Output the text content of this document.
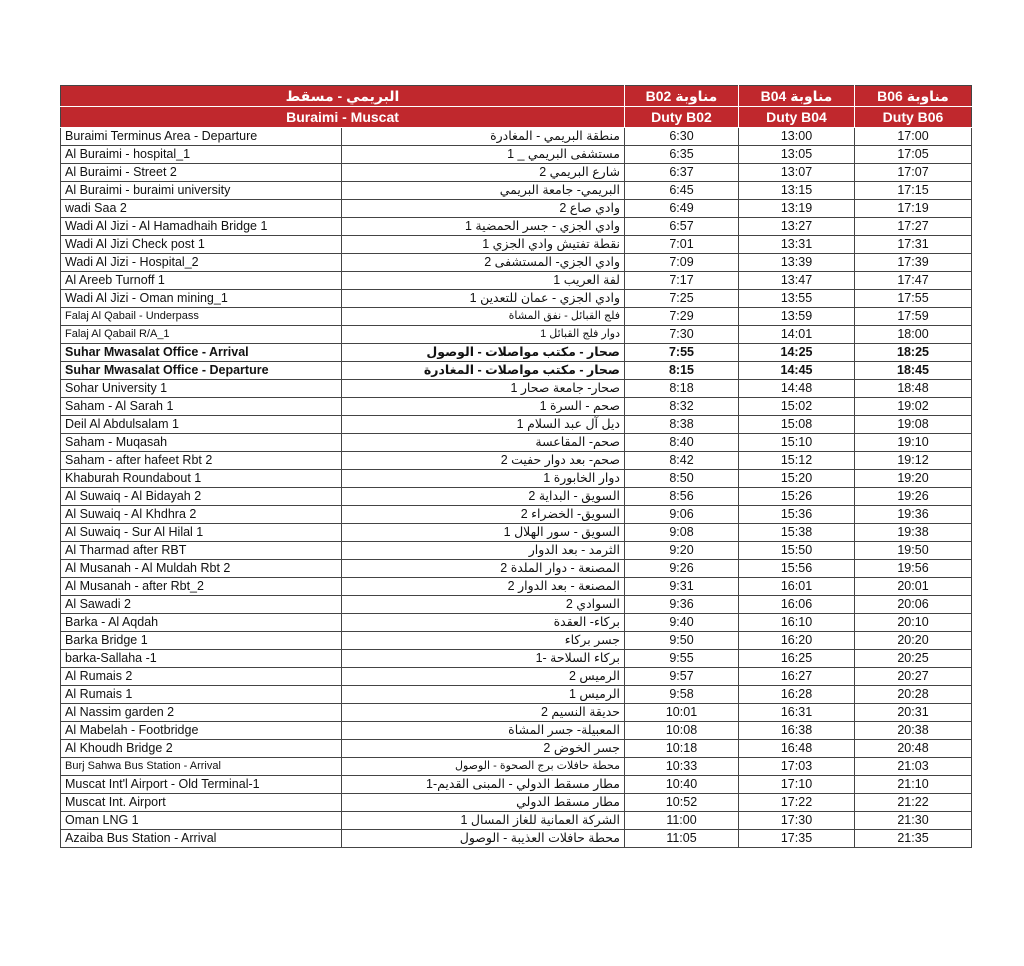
البريمي - مسقط		مناوبة B02	مناوبة B04	مناوبة B06
Buraimi - Muscat		Duty B02	Duty B04	Duty B06
Buraimi Terminus Area - Departure	منطقة البريمي - المغادرة	6:30	13:00	17:00
Al Buraimi - hospital_1	مستشفى البريمي _ 1	6:35	13:05	17:05
Al Buraimi - Street 2	شارع البريمي 2	6:37	13:07	17:07
Al Buraimi - buraimi university	البريمي- جامعة البريمي	6:45	13:15	17:15
wadi Saa 2	وادي صاع 2	6:49	13:19	17:19
Wadi Al Jizi - Al Hamadhaih Bridge 1	وادي الجزي - جسر الحمضية 1	6:57	13:27	17:27
Wadi Al Jizi Check post 1	نقطة تفتيش وادي الجزي 1	7:01	13:31	17:31
Wadi Al Jizi - Hospital_2	وادي الجزي- المستشفى 2	7:09	13:39	17:39
Al Areeb Turnoff 1	لفة العريب 1	7:17	13:47	17:47
Wadi Al Jizi - Oman mining_1	وادي الجزي - عمان للتعدين 1	7:25	13:55	17:55
Falaj Al Qabail - Underpass	فلج القبائل - نفق المشاة	7:29	13:59	17:59
Falaj Al Qabail R/A_1	دوار فلج القبائل 1	7:30	14:01	18:00
Suhar Mwasalat Office - Arrival	صحار - مكتب مواصلات - الوصول	7:55	14:25	18:25
Suhar Mwasalat Office - Departure	صحار - مكتب مواصلات - المغادرة	8:15	14:45	18:45
Sohar University 1	صحار- جامعة صحار 1	8:18	14:48	18:48
Saham - Al Sarah 1	صحم - السرة 1	8:32	15:02	19:02
Deil Al Abdulsalam 1	ديل آل عبد السلام 1	8:38	15:08	19:08
Saham - Muqasah	صحم- المقاعسة	8:40	15:10	19:10
Saham - after hafeet Rbt 2	صحم- بعد دوار حفيت 2	8:42	15:12	19:12
Khaburah Roundabout 1	دوار الخابورة 1	8:50	15:20	19:20
Al Suwaiq - Al Bidayah 2	السويق - البداية 2	8:56	15:26	19:26
Al Suwaiq - Al Khdhra 2	السويق- الخضراء 2	9:06	15:36	19:36
Al Suwaiq - Sur Al Hilal 1	السويق - سور الهلال 1	9:08	15:38	19:38
Al Tharmad after RBT	الثرمد - بعد الدوار	9:20	15:50	19:50
Al Musanah - Al Muldah Rbt 2	المصنعة - دوار الملدة 2	9:26	15:56	19:56
Al Musanah - after Rbt_2	المصنعة - بعد الدوار 2	9:31	16:01	20:01
Al Sawadi 2	السوادي 2	9:36	16:06	20:06
Barka - Al Aqdah	بركاء- العقدة	9:40	16:10	20:10
Barka Bridge 1	جسر بركاء	9:50	16:20	20:20
barka-Sallaha -1	بركاء السلاحة -1	9:55	16:25	20:25
Al Rumais 2	الرميس 2	9:57	16:27	20:27
Al Rumais 1	الرميس 1	9:58	16:28	20:28
Al Nassim garden 2	حديقة النسيم 2	10:01	16:31	20:31
Al Mabelah - Footbridge	المعبيلة- جسر المشاة	10:08	16:38	20:38
Al Khoudh Bridge 2	جسر الخوض 2	10:18	16:48	20:48
Burj Sahwa Bus Station - Arrival	محطة حافلات برج الصحوة - الوصول	10:33	17:03	21:03
Muscat Int'l Airport - Old Terminal-1	مطار مسقط الدولي - المبنى القديم-1	10:40	17:10	21:10
Muscat Int. Airport	مطار مسقط الدولي	10:52	17:22	21:22
Oman LNG 1	الشركة العمانية للغاز المسال 1	11:00	17:30	21:30
Azaiba Bus Station - Arrival	محطة حافلات العذيبة - الوصول	11:05	17:35	21:35
